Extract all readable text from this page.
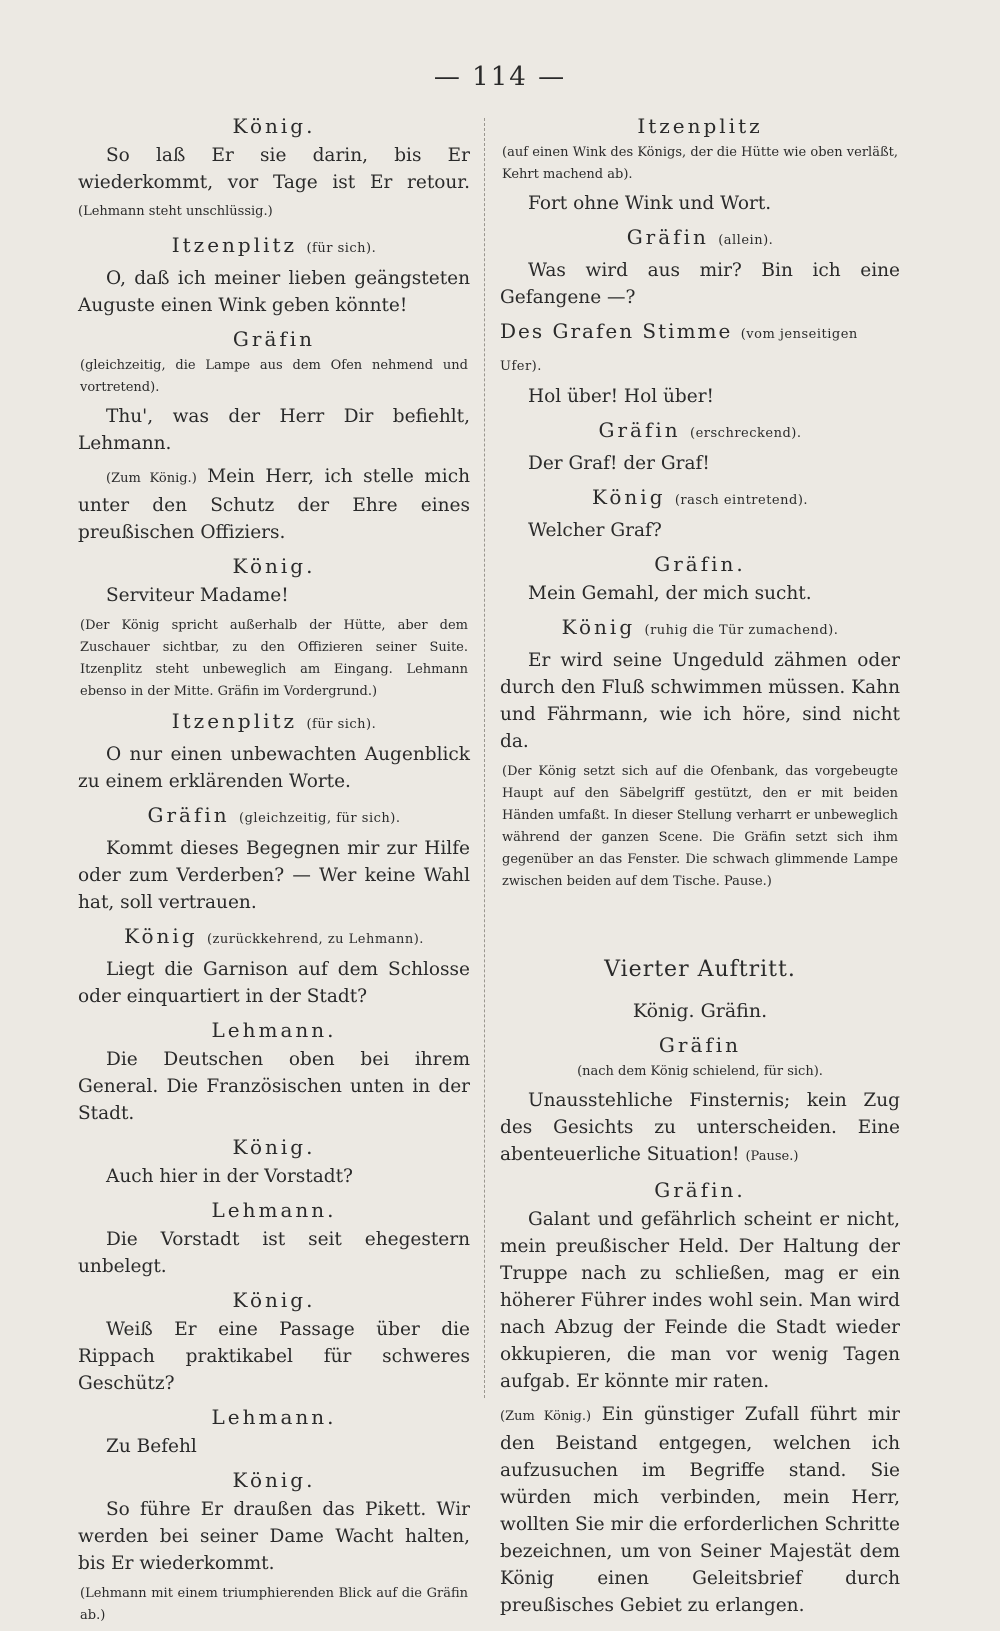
— 114 —
König.

So laß Er sie darin, bis Er wiederkommt, vor Tage ist Er retour. (Lehmann steht unschlüssig.)

Itzenplitz (für sich).

O, daß ich meiner lieben geängsteten Auguste einen Wink geben könnte!

Gräfin

(gleichzeitig, die Lampe aus dem Ofen nehmend und vortretend).

Thu', was der Herr Dir befiehlt, Lehmann.

(Zum König.) Mein Herr, ich stelle mich unter den Schutz der Ehre eines preußischen Offiziers.

König.

Serviteur Madame!

(Der König spricht außerhalb der Hütte, aber dem Zuschauer sichtbar, zu den Offizieren seiner Suite. Itzenplitz steht unbeweglich am Eingang. Lehmann ebenso in der Mitte. Gräfin im Vordergrund.)

Itzenplitz (für sich).

O nur einen unbewachten Augenblick zu einem erklärenden Worte.

Gräfin (gleichzeitig, für sich).

Kommt dieses Begegnen mir zur Hilfe oder zum Verderben? — Wer keine Wahl hat, soll vertrauen.

König (zurückkehrend, zu Lehmann).

Liegt die Garnison auf dem Schlosse oder einquartiert in der Stadt?

Lehmann.

Die Deutschen oben bei ihrem General. Die Französischen unten in der Stadt.

König.

Auch hier in der Vorstadt?

Lehmann.

Die Vorstadt ist seit ehegestern unbelegt.

König.

Weiß Er eine Passage über die Rippach praktikabel für schweres Geschütz?

Lehmann.

Zu Befehl

König.

So führe Er draußen das Pikett. Wir werden bei seiner Dame Wacht halten, bis Er wiederkommt.

(Lehmann mit einem triumphierenden Blick auf die Gräfin ab.)

Itzenplitz

(auf einen Wink des Königs, der die Hütte wie oben verläßt, Kehrt machend ab).

Fort ohne Wink und Wort.

Gräfin (allein).

Was wird aus mir? Bin ich eine Gefangene —?

Des Grafen Stimme (vom jenseitigen Ufer).

Hol über! Hol über!

Gräfin (erschreckend).

Der Graf! der Graf!

König (rasch eintretend).

Welcher Graf?

Gräfin.

Mein Gemahl, der mich sucht.

König (ruhig die Tür zumachend).

Er wird seine Ungeduld zähmen oder durch den Fluß schwimmen müssen. Kahn und Fährmann, wie ich höre, sind nicht da.

(Der König setzt sich auf die Ofenbank, das vorgebeugte Haupt auf den Säbelgriff gestützt, den er mit beiden Händen umfaßt. In dieser Stellung verharrt er unbeweglich während der ganzen Scene. Die Gräfin setzt sich ihm gegenüber an das Fenster. Die schwach glimmende Lampe zwischen beiden auf dem Tische. Pause.)

Vierter Auftritt.
König. Gräfin.
Gräfin

(nach dem König schielend, für sich).

Unausstehliche Finsternis; kein Zug des Gesichts zu unterscheiden. Eine abenteuerliche Situation! (Pause.)

Gräfin.

Galant und gefährlich scheint er nicht, mein preußischer Held. Der Haltung der Truppe nach zu schließen, mag er ein höherer Führer indes wohl sein. Man wird nach Abzug der Feinde die Stadt wieder okkupieren, die man vor wenig Tagen aufgab. Er könnte mir raten.

(Zum König.) Ein günstiger Zufall führt mir den Beistand entgegen, welchen ich aufzusuchen im Begriffe stand. Sie würden mich verbinden, mein Herr, wollten Sie mir die erforderlichen Schritte bezeichnen, um von Seiner Majestät dem König einen Geleitsbrief durch preußisches Gebiet zu erlangen.
